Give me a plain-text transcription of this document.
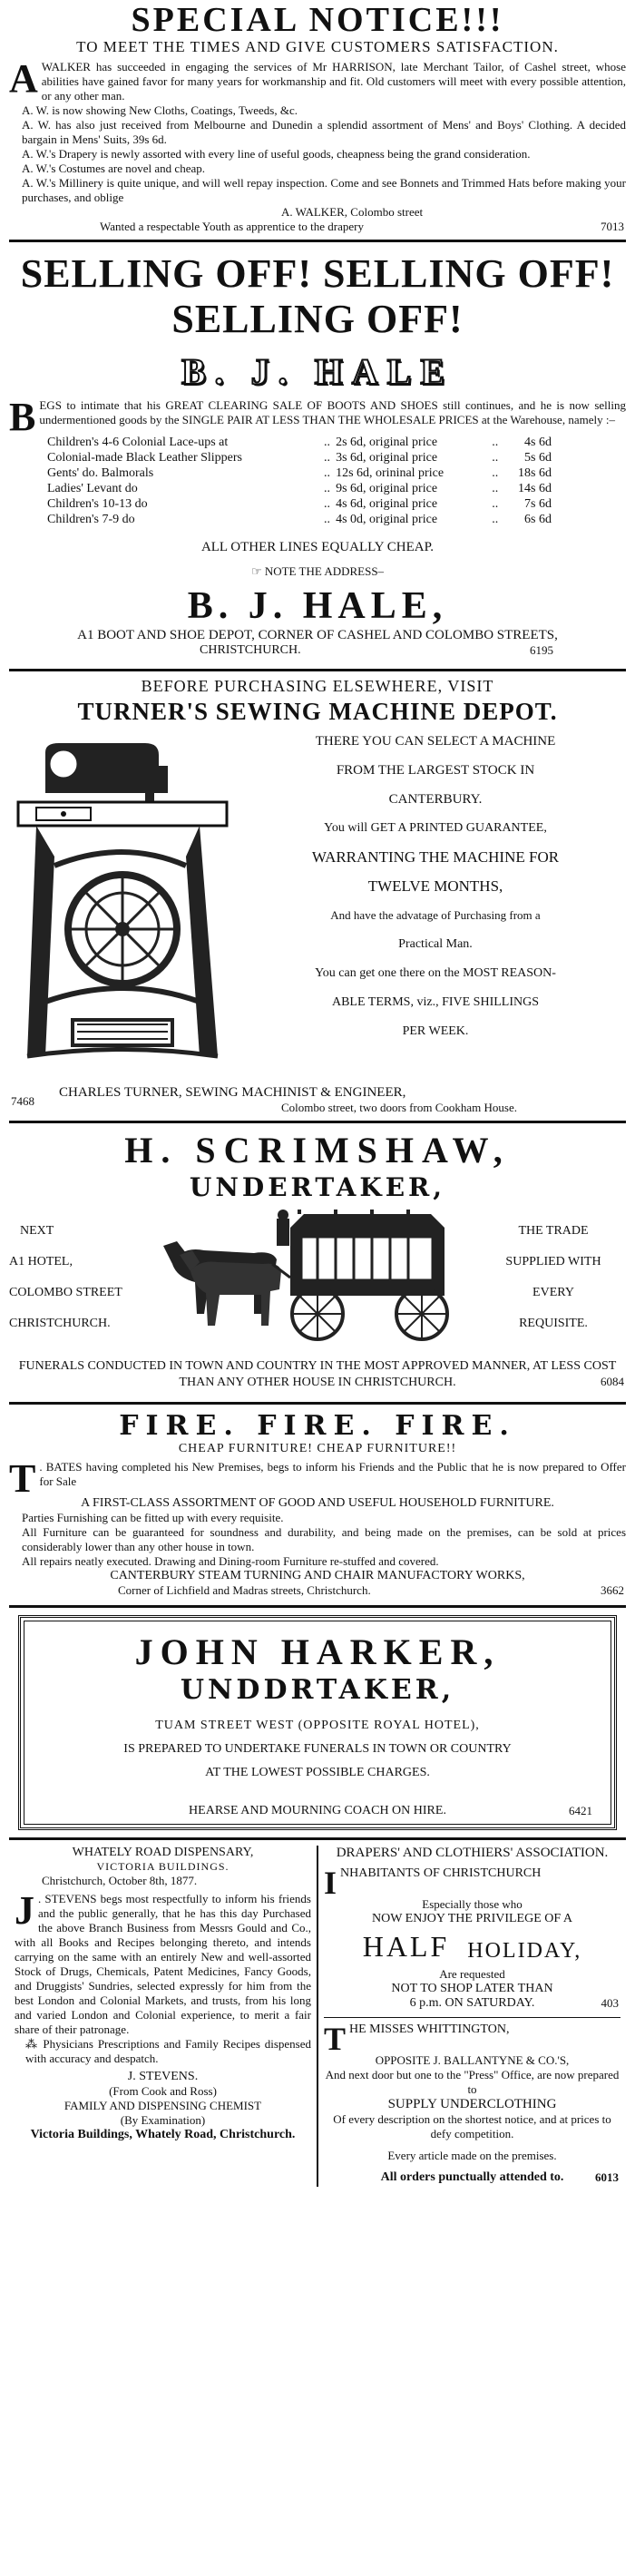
SPECIAL NOTICE!!!
TO MEET THE TIMES AND GIVE CUSTOMERS SATISFACTION.
A WALKER has succeeded in engaging the services of Mr HARRISON, late Merchant Tailor, of Cashel street, whose abilities have gained favor for many years for workmanship and fit. Old customers will meet with every possible attention, or any other man.
A. W. is now showing New Cloths, Coatings, Tweeds, &c.
A. W. has also just received from Melbourne and Dunedin a splendid assortment of Mens' and Boys' Clothing. A decided bargain in Mens' Suits, 39s 6d.
A. W.'s Drapery is newly assorted with every line of useful goods, cheapness being the grand consideration.
A. W.'s Costumes are novel and cheap.
A. W.'s Millinery is quite unique, and will well repay inspection. Come and see Bonnets and Trimmed Hats before making your purchases, and oblige
A. WALKER, Colombo street
Wanted a respectable Youth as apprentice to the drapery	7013
SELLING OFF! SELLING OFF!
SELLING OFF!
B. J. HALE
B EGS to intimate that his GREAT CLEARING SALE OF BOOTS AND SHOES still continues, and he is now selling undermentioned goods by the SINGLE PAIR AT LESS THAN THE WHOLESALE PRICES at the Warehouse, namely :–
Children's 4-6 Colonial Lace-ups at	..	2s 6d, original price	..	4s 6d
Colonial-made Black Leather Slippers	..	3s 6d, original price	..	5s 6d
Gents' do. Balmorals	..	12s 6d, orininal price	..	18s 6d
Ladies' Levant do	..	9s 6d, original price	..	14s 6d
Children's 10-13 do	..	4s 6d, original price	..	7s 6d
Children's 7-9 do	..	4s 0d, original price	..	6s 6d
ALL OTHER LINES EQUALLY CHEAP.
☞ NOTE THE ADDRESS–
B. J. HALE,
A1 BOOT AND SHOE DEPOT, CORNER OF CASHEL AND COLOMBO STREETS,
CHRISTCHURCH.	6195
BEFORE PURCHASING ELSEWHERE, VISIT
TURNER'S SEWING MACHINE DEPOT.
THERE YOU CAN SELECT A MACHINE
FROM THE LARGEST STOCK IN
CANTERBURY.
You will GET A PRINTED GUARANTEE,
WARRANTING THE MACHINE FOR
TWELVE MONTHS,
And have the advatage of Purchasing from a
Practical Man.
You can get one there on the MOST REASON-
ABLE TERMS, viz., FIVE SHILLINGS
PER WEEK.
7468
CHARLES TURNER, SEWING MACHINIST & ENGINEER,
Colombo street, two doors from Cookham House.
H. SCRIMSHAW,
UNDERTAKER,
NEXT
A1 HOTEL,
COLOMBO STREET
CHRISTCHURCH.
THE TRADE
SUPPLIED WITH
EVERY
REQUISITE.
FUNERALS CONDUCTED IN TOWN AND COUNTRY IN THE MOST APPROVED MANNER, AT LESS COST THAN ANY OTHER HOUSE IN CHRISTCHURCH.	6084
FIRE. FIRE. FIRE.
CHEAP FURNITURE! CHEAP FURNITURE!!
T . BATES having completed his New Premises, begs to inform his Friends and the Public that he is now prepared to Offer for Sale
A FIRST-CLASS ASSORTMENT OF GOOD AND USEFUL HOUSEHOLD FURNITURE.
Parties Furnishing can be fitted up with every requisite.
All Furniture can be guaranteed for soundness and durability, and being made on the premises, can be sold at prices considerably lower than any other house in town.
All repairs neatly executed. Drawing and Dining-room Furniture re-stuffed and covered.
CANTERBURY STEAM TURNING AND CHAIR MANUFACTORY WORKS,
Corner of Lichfield and Madras streets, Christchurch.	3662
JOHN HARKER,
UNDDRTAKER,
TUAM STREET WEST (OPPOSITE ROYAL HOTEL),
IS PREPARED TO UNDERTAKE FUNERALS IN TOWN OR COUNTRY
AT THE LOWEST POSSIBLE CHARGES.
HEARSE AND MOURNING COACH ON HIRE.	6421
WHATELY ROAD DISPENSARY,
VICTORIA BUILDINGS.
Christchurch, October 8th, 1877.
J . STEVENS begs most respectfully to inform his friends and the public generally, that he has this day Purchased the above Branch Business from Messrs Gould and Co., with all Books and Recipes belonging thereto, and intends carrying on the same with an entirely New and well-assorted Stock of Drugs, Chemicals, Patent Medicines, Fancy Goods, and Druggists' Sundries, selected expressly for him from the best London and Colonial Markets, and trusts, from his long and varied London and Colonial experience, to merit a fair share of their patronage.
⁂ Physicians Prescriptions and Family Recipes dispensed with accuracy and despatch.
J. STEVENS.
(From Cook and Ross)
FAMILY AND DISPENSING CHEMIST
(By Examination)
Victoria Buildings, Whately Road, Christchurch.
DRAPERS' AND CLOTHIERS' ASSOCIATION.
I NHABITANTS OF CHRISTCHURCH
Especially those who
NOW ENJOY THE PRIVILEGE OF A
HALF HOLIDAY,
Are requested
NOT TO SHOP LATER THAN
6 p.m. ON SATURDAY.	403
T HE MISSES WHITTINGTON,
OPPOSITE J. BALLANTYNE & CO.'S,
And next door but one to the "Press" Office, are now prepared to
SUPPLY UNDERCLOTHING
Of every description on the shortest notice, and at prices to defy competition.
Every article made on the premises.
All orders punctually attended to.	6013
